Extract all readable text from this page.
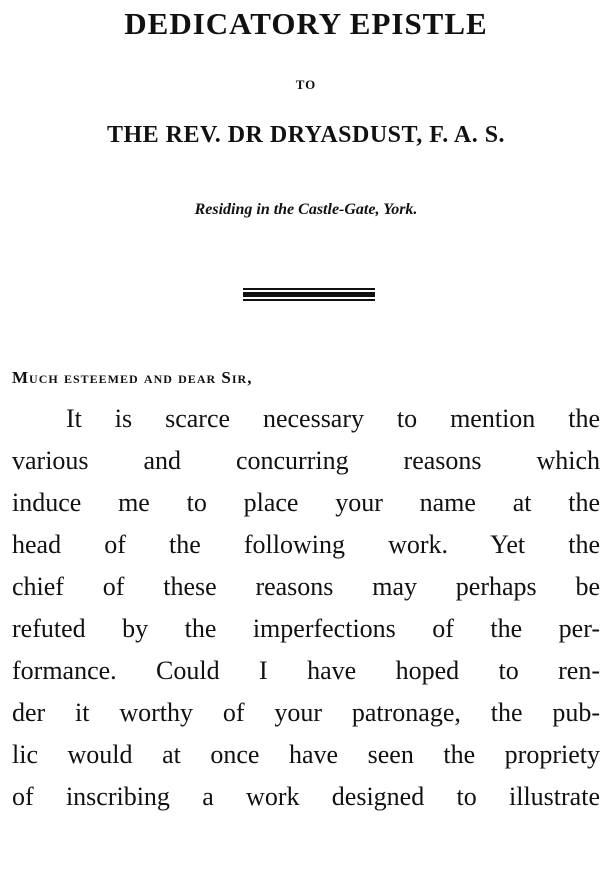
DEDICATORY EPISTLE
TO
THE REV. DR DRYASDUST, F. A. S.
Residing in the Castle-Gate, York.
Much esteemed and dear Sir,
It is scarce necessary to mention the
various and concurring reasons which
induce me to place your name at the
head of the following work. Yet the
chief of these reasons may perhaps be
refuted by the imperfections of the per-
formance. Could I have hoped to ren-
der it worthy of your patronage, the pub-
lic would at once have seen the propriety
of inscribing a work designed to illustrate
